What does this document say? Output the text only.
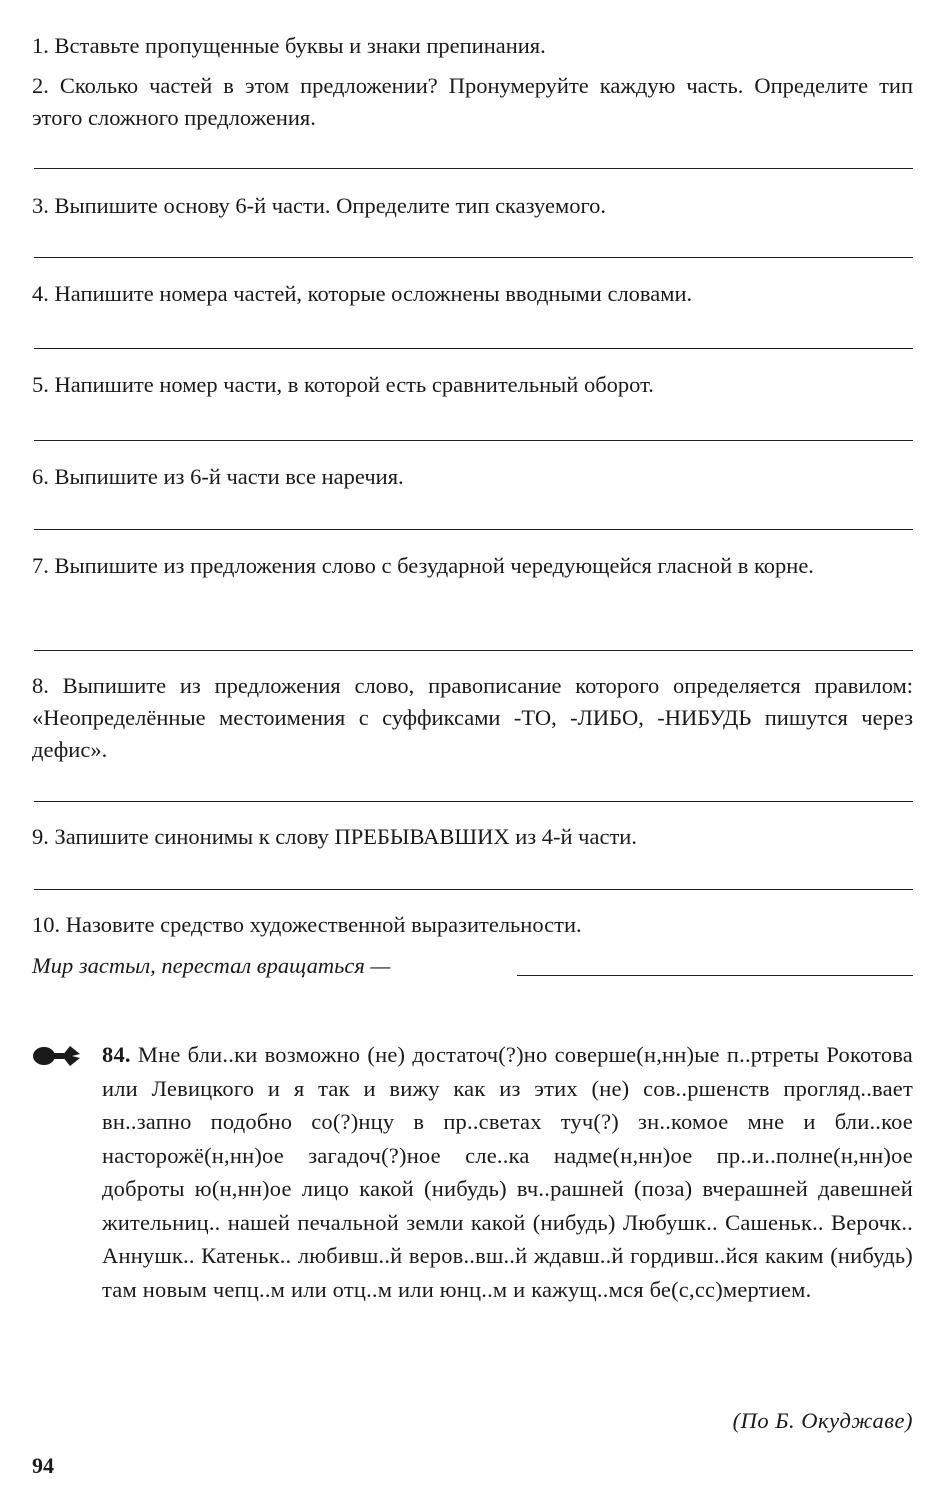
1. Вставьте пропущенные буквы и знаки препинания.
2. Сколько частей в этом предложении? Пронумеруйте каждую часть. Определите тип этого сложного предложения.
3. Выпишите основу 6-й части. Определите тип сказуемого.
4. Напишите номера частей, которые осложнены вводными словами.
5. Напишите номер части, в которой есть сравнительный оборот.
6. Выпишите из 6-й части все наречия.
7. Выпишите из предложения слово с безударной чередующейся гласной в корне.
8. Выпишите из предложения слово, правописание которого определяется правилом: «Неопределённые местоимения с суффиксами -ТО, -ЛИБО, -НИБУДЬ пишутся через дефис».
9. Запишите синонимы к слову ПРЕБЫВАВШИХ из 4-й части.
10. Назовите средство художественной выразительности.
Мир застыл, перестал вращаться —
84. Мне бли..ки возможно (не) достаточ(?)но соверше(н,нн)ые п..ртреты Рокотова или Левицкого и я так и вижу как из этих (не) сов..ршенств прогляд..вает вн..запно подобно со(?)нцу в пр..светах туч(?) зн..комое мне и бли..кое насторожё(н,нн)ое загадоч(?)ное сле..ка надме(н,нн)ое пр..и..полне(н,нн)ое доброты ю(н,нн)ое лицо какой (нибудь) вч..рашней (поза) вчерашней давешней жительниц.. нашей печальной земли какой (нибудь) Любушк.. Сашеньк.. Верочк.. Аннушк.. Катеньк.. любивш..й веров..вш..й ждавш..й гордивш..йся каким (нибудь) там новым чепц..м или отц..м или юнц..м и кажущ..мся бе(с,сс)мертием.
(По Б. Окуджаве)
94
